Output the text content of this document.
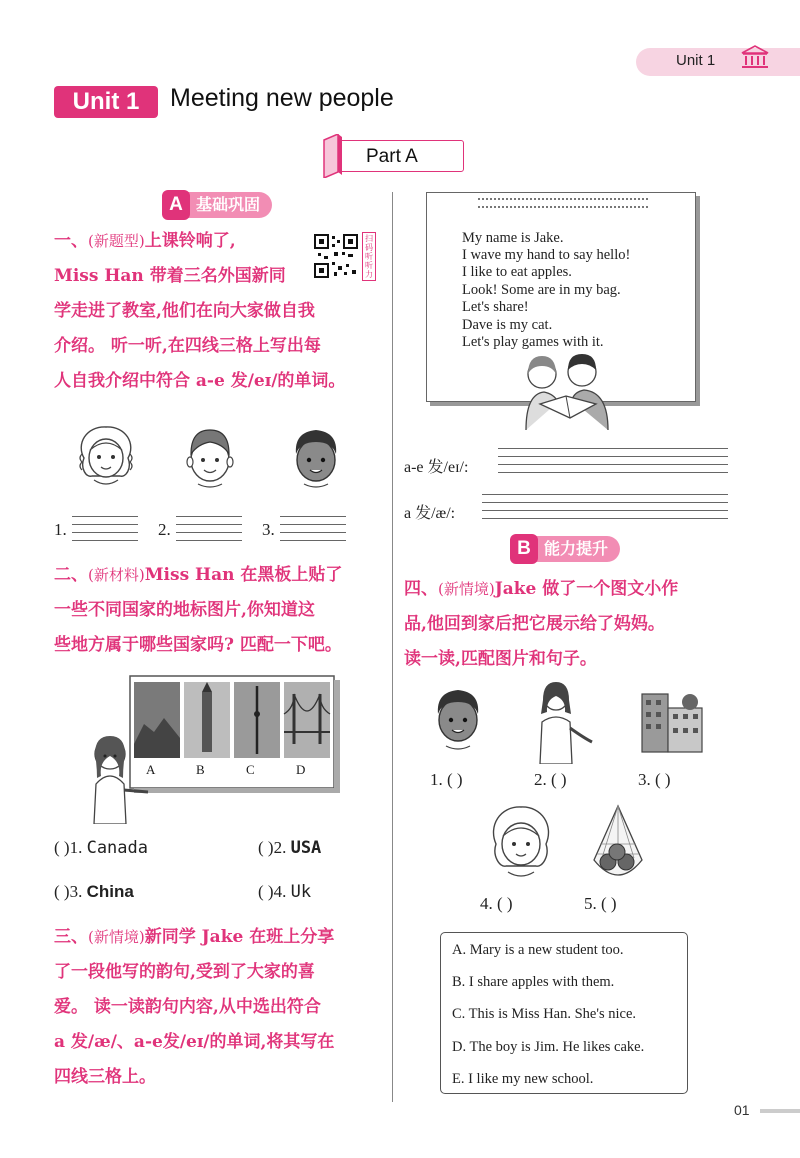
Unit 1
Unit 1	Meeting new people
Part A
A 基础巩固
一、(新题型)上课铃响了,
Miss Han 带着三名外国新同
学走进了教室,他们在向大家做自我
介绍。 听一听,在四线三格上写出每
人自我介绍中符合 a-e 发/eɪ/的单词。
扫码听听力
1.	2.	3.
二、(新材料)Miss Han 在黑板上贴了
一些不同国家的地标图片,你知道这
些地方属于哪些国家吗? 匹配一下吧。
A	B	C	D
( )1. Canada	( )2. USA
( )3. China	( )4. Uk
三、(新情境)新同学 Jake 在班上分享
了一段他写的韵句,受到了大家的喜
爱。 读一读韵句内容,从中选出符合
a 发/æ/、a-e发/eɪ/的单词,将其写在
四线三格上。
My name is Jake.
I wave my hand to say hello!
I like to eat apples.
Look! Some are in my bag.
Let's share!
Dave is my cat.
Let's play games with it.
a-e 发/eɪ/:
a 发/æ/:
B 能力提升
四、(新情境)Jake 做了一个图文小作
品,他回到家后把它展示给了妈妈。
读一读,匹配图片和句子。
1. ( )	2. ( )	3. ( )
4. ( )	5. ( )
A. Mary is a new student too.
B. I share apples with them.
C. This is Miss Han. She's nice.
D. The boy is Jim. He likes cake.
E. I like my new school.
01
